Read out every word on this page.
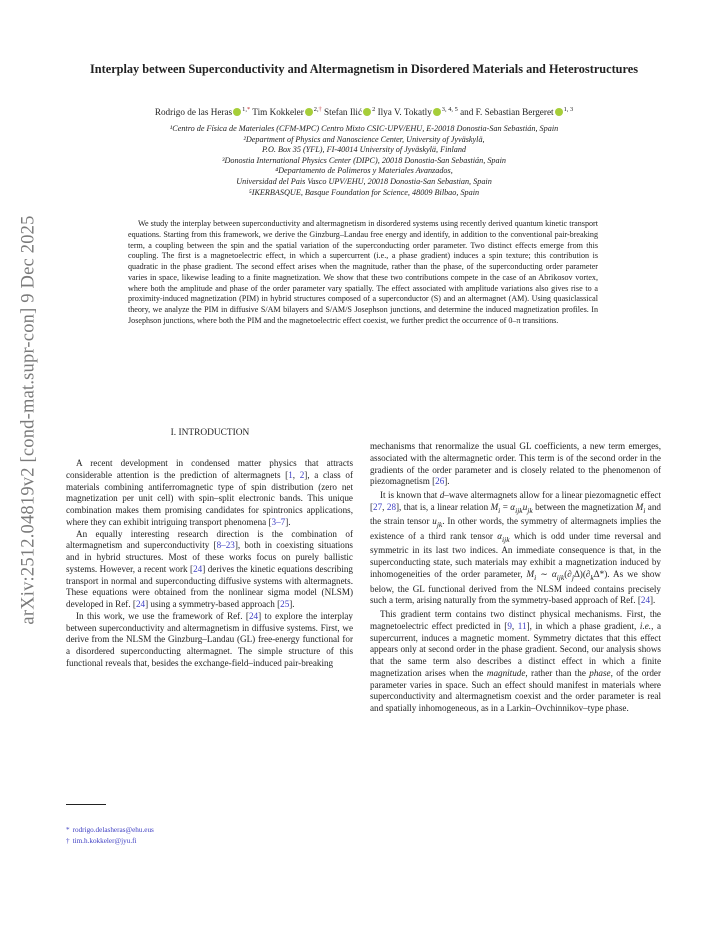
arXiv:2512.04819v2 [cond-mat.supr-con] 9 Dec 2025
Interplay between Superconductivity and Altermagnetism in Disordered Materials and Heterostructures
Rodrigo de las Heras $^{1,*}$ Tim Kokkeler $^{2,\dagger}$ Stefan Ilić $^2$ Ilya V. Tokatly $^{3, 4, 5}$ and F. Sebastian Bergeret $^{1, 3}$
¹Centro de Física de Materiales (CFM-MPC) Centro Mixto CSIC-UPV/EHU, E-20018 Donostia-San Sebastián, Spain
²Department of Physics and Nanoscience Center, University of Jyväskylä,
P.O. Box 35 (YFL), FI-40014 University of Jyväskylä, Finland
³Donostia International Physics Center (DIPC), 20018 Donostia-San Sebastián, Spain
⁴Departamento de Polimeros y Materiales Avanzados,
Universidad del Pais Vasco UPV/EHU, 20018 Donostia-San Sebastian, Spain
⁵IKERBASQUE, Basque Foundation for Science, 48009 Bilbao, Spain

We study the interplay between superconductivity and altermagnetism in disordered systems using recently derived quantum kinetic transport equations. Starting from this framework, we derive the Ginzburg–Landau free energy and identify, in addition to the conventional pair-breaking term, a coupling between the spin and the spatial variation of the superconducting order parameter. Two distinct effects emerge from this coupling. The first is a magnetoelectric effect, in which a supercurrent (i.e., a phase gradient) induces a spin texture; this contribution is quadratic in the phase gradient. The second effect arises when the magnitude, rather than the phase, of the superconducting order parameter varies in space, likewise leading to a finite magnetization. We show that these two contributions compete in the case of an Abrikosov vortex, where both the amplitude and phase of the order parameter vary spatially. The effect associated with amplitude variations also gives rise to a proximity-induced magnetization (PIM) in hybrid structures composed of a superconductor (S) and an altermagnet (AM). Using quasiclassical theory, we analyze the PIM in diffusive S/AM bilayers and S/AM/S Josephson junctions, and determine the induced magnetization profiles. In Josephson junctions, where both the PIM and the magnetoelectric effect coexist, we further predict the occurrence of 0–π transitions.

I. INTRODUCTION

A recent development in condensed matter physics that attracts considerable attention is the prediction of altermagnets [1, 2], a class of materials combining antiferromagnetic type of spin distribution (zero net magnetization per unit cell) with spin–split electronic bands. This unique combination makes them promising candidates for spintronics applications, where they can exhibit intriguing transport phenomena [3–7].

An equally interesting research direction is the combination of altermagnetism and superconductivity [8–23], both in coexisting situations and in hybrid structures. Most of these works focus on purely ballistic systems. However, a recent work [24] derives the kinetic equations describing transport in normal and superconducting diffusive systems with altermagnets. These equations were obtained from the nonlinear sigma model (NLSM) developed in Ref. [24] using a symmetry-based approach [25].

In this work, we use the framework of Ref. [24] to explore the interplay between superconductivity and altermagnetism in diffusive systems. First, we derive from the NLSM the Ginzburg–Landau (GL) free-energy functional for a disordered superconducting altermagnet. The simple structure of this functional reveals that, besides the exchange-field–induced pair-breaking

mechanisms that renormalize the usual GL coefficients, a new term emerges, associated with the altermagnetic order. This term is of the second order in the gradients of the order parameter and is closely related to the phenomenon of piezomagnetism [26].

It is known that d–wave altermagnets allow for a linear piezomagnetic effect [27, 28], that is, a linear relation $M_i = \alpha_{ijk}u_{jk}$ between the magnetization $M_i$ and the strain tensor $u_{jk}$. In other words, the symmetry of altermagnets implies the existence of a third rank tensor $\alpha_{ijk}$ which is odd under time reversal and symmetric in its last two indices. An immediate consequence is that, in the superconducting state, such materials may exhibit a magnetization induced by inhomogeneities of the order parameter, $M_i$ ∼ $\alpha_{ijk}(\partial_j\Delta)(\partial_k\Delta*)$. As we show below, the GL functional derived from the NLSM indeed contains precisely such a term, arising naturally from the symmetry-based approach of Ref. [24].

This gradient term contains two distinct physical mechanisms. First, the magnetoelectric effect predicted in [9, 11], in which a phase gradient, i.e., a supercurrent, induces a magnetic moment. Symmetry dictates that this effect appears only at second order in the phase gradient. Second, our analysis shows that the same term also describes a distinct effect in which a finite magnetization arises when the magnitude, rather than the phase, of the order parameter varies in space. Such an effect should manifest in materials where superconductivity and altermagnetism coexist and the order parameter is real and spatially inhomogeneous, as in a Larkin–Ovchinnikov–type phase.

* rodrigo.delasheras@ehu.eus
† tim.h.kokkeler@jyu.fi
